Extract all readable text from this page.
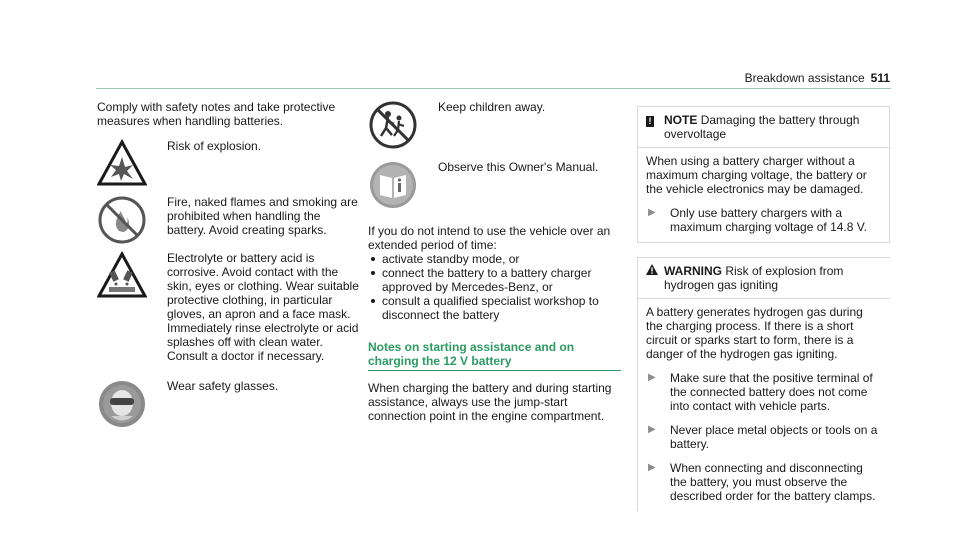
Breakdown assistance 511

Comply with safety notes and take protective measures when handling batteries.

Risk of explosion.

Fire, naked flames and smoking are prohibited when handling the battery. Avoid creating sparks.

Electrolyte or battery acid is corrosive. Avoid contact with the skin, eyes or clothing. Wear suitable protective clothing, in particular gloves, an apron and a face mask. Immediately rinse electrolyte or acid splashes off with clean water. Consult a doctor if necessary.

Wear safety glasses.

Keep children away.

Observe this Owner's Manual.

If you do not intend to use the vehicle over an extended period of time:

activate standby mode, or
connect the battery to a battery charger approved by Mercedes-Benz, or
consult a qualified specialist workshop to disconnect the battery

Notes on starting assistance and on charging the 12 V battery

When charging the battery and during starting assistance, always use the jump-start connection point in the engine compartment.

!	NOTE Damaging the battery through overvoltage

When using a battery charger without a maximum charging voltage, the battery or the vehicle electronics may be damaged.

▶	Only use battery chargers with a maximum charging voltage of 14.8 V.

WARNING Risk of explosion from hydrogen gas igniting

A battery generates hydrogen gas during the charging process. If there is a short circuit or sparks start to form, there is a danger of the hydrogen gas igniting.

▶	Make sure that the positive terminal of the connected battery does not come into contact with vehicle parts.

▶	Never place metal objects or tools on a battery.

▶	When connecting and disconnecting the battery, you must observe the described order for the battery clamps.
